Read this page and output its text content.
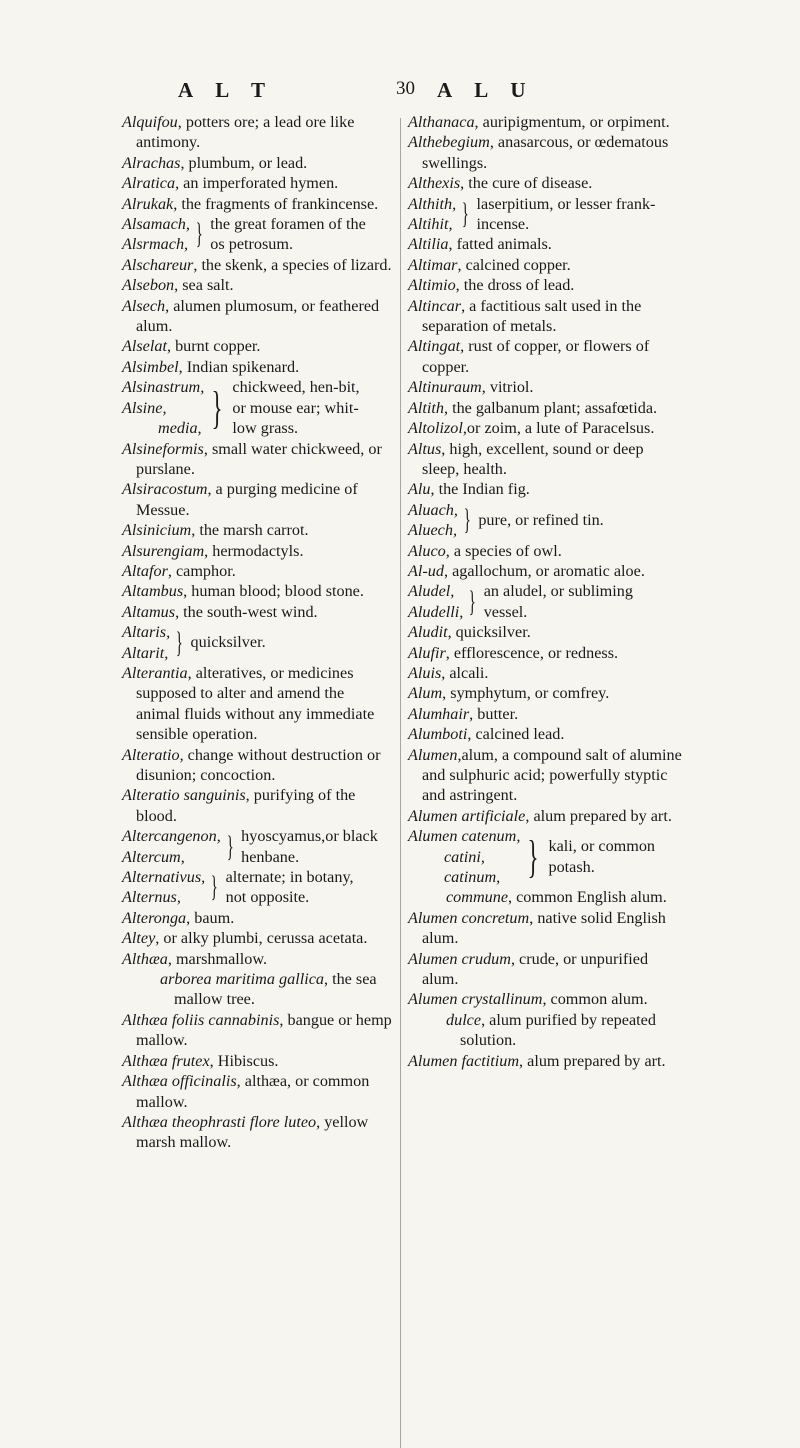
A L T	30 A L U
Alquifou, potters ore; a lead ore like antimony.
Alrachas, plumbum, or lead.
Alratica, an imperforated hymen.
Alrukak, the fragments of frankincense.
Alsamach,
Alsrmach, } the great foramen of the
os petrosum.
Alschareur, the skenk, a species of lizard.
Alsebon, sea salt.
Alsech, alumen plumosum, or feathered alum.
Alselat, burnt copper.
Alsimbel, Indian spikenard.
Alsinastrum,
Alsine,
media, } chickweed, hen-bit,
or mouse ear; whit-
low grass.
Alsineformis, small water chickweed, or purslane.
Alsiracostum, a purging medicine of Messue.
Alsinicium, the marsh carrot.
Alsurengiam, hermodactyls.
Altafor, camphor.
Altambus, human blood; blood stone.
Altamus, the south-west wind.
Altaris,
Altarit, } quicksilver.
Alterantia, alteratives, or medicines supposed to alter and amend the animal fluids without any immediate sensible operation.
Alteratio, change without destruction or disunion; concoction.
Alteratio sanguinis, purifying of the blood.
Altercangenon,
Altercum,	} hyoscyamus,or black
henbane.
Alternativus,
Alternus, } alternate; in botany,
not opposite.
Alteronga, baum.
Altey, or alky plumbi, cerussa acetata.
Althæa, marshmallow.
arborea maritima gallica, the sea mallow tree.
Althæa foliis cannabinis, bangue or hemp mallow.
Althæa frutex, Hibiscus.
Althæa officinalis, althæa, or common mallow.
Althæa theophrasti flore luteo, yellow marsh mallow.
Althanaca, auripigmentum, or orpiment.
Althebegium, anasarcous, or œdematous swellings.
Althexis, the cure of disease.
Althith,
Altihit, } laserpitium, or lesser frank-
incense.
Altilia, fatted animals.
Altimar, calcined copper.
Altimio, the dross of lead.
Altincar, a factitious salt used in the separation of metals.
Altingat, rust of copper, or flowers of copper.
Altinuraum, vitriol.
Altith, the galbanum plant; assafœtida.
Altolizol,or zoim, a lute of Paracelsus.
Altus, high, excellent, sound or deep sleep, health.
Alu, the Indian fig.
Aluach,
Aluech, } pure, or refined tin.
Aluco, a species of owl.
Al-ud, agallochum, or aromatic aloe.
Aludel,
Aludelli, } an aludel, or subliming
vessel.
Aludit, quicksilver.
Alufir, efflorescence, or redness.
Aluis, alcali.
Alum, symphytum, or comfrey.
Alumhair, butter.
Alumboti, calcined lead.
Alumen,alum, a compound salt of alumine and sulphuric acid; powerfully styptic and astringent.
Alumen artificiale, alum prepared by art.
Alumen catenum,
catini,
catinum, } kali, or common
potash.
commune, common English alum.
Alumen concretum, native solid English alum.
Alumen crudum, crude, or unpurified alum.
Alumen crystallinum, common alum.
dulce, alum purified by repeated solution.
Alumen factitium, alum prepared by art.
